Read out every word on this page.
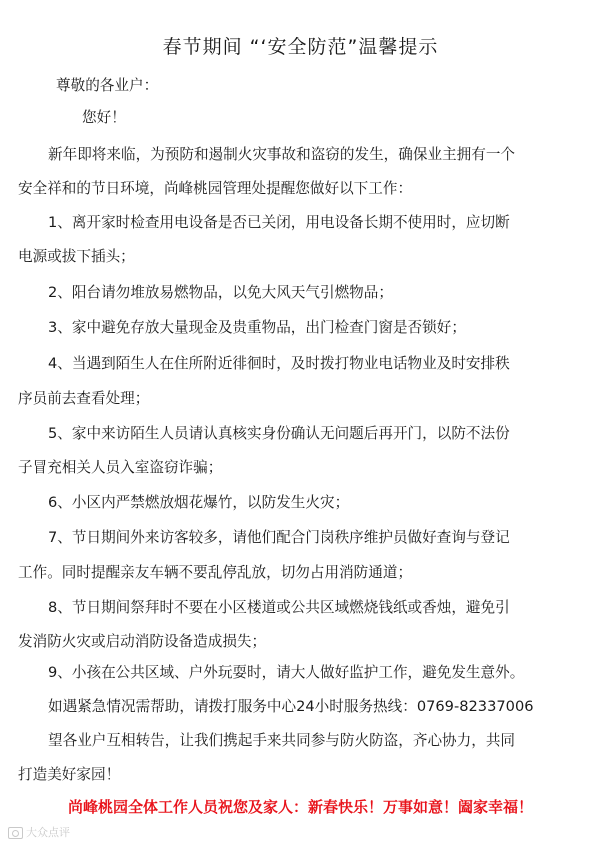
春节期间 “‘安全防范”温馨提示
尊敬的各业户：
您好！
新年即将来临，为预防和遏制火灾事故和盗窃的发生，确保业主拥有一个
安全祥和的节日环境，尚峰桃园管理处提醒您做好以下工作：
1、离开家时检查用电设备是否已关闭，用电设备长期不使用时，应切断
电源或拔下插头；
2、阳台请勿堆放易燃物品，以免大风天气引燃物品；
3、家中避免存放大量现金及贵重物品，出门检查门窗是否锁好；
4、当遇到陌生人在住所附近徘徊时，及时拨打物业电话物业及时安排秩
序员前去查看处理；
5、家中来访陌生人员请认真核实身份确认无问题后再开门，以防不法份
子冒充相关人员入室盗窃诈骗；
6、小区内严禁燃放烟花爆竹，以防发生火灾；
7、节日期间外来访客较多，请他们配合门岗秩序维护员做好查询与登记
工作。同时提醒亲友车辆不要乱停乱放，切勿占用消防通道；
8、节日期间祭拜时不要在小区楼道或公共区域燃烧钱纸或香烛，避免引
发消防火灾或启动消防设备造成损失；
9、小孩在公共区域、户外玩耍时，请大人做好监护工作，避免发生意外。
如遇紧急情况需帮助，请拨打服务中心24小时服务热线：0769-82337006
望各业户互相转告，让我们携起手来共同参与防火防盗，齐心协力，共同
打造美好家园！
尚峰桃园全体工作人员祝您及家人：新春快乐！万事如意！阖家幸福！
大众点评
